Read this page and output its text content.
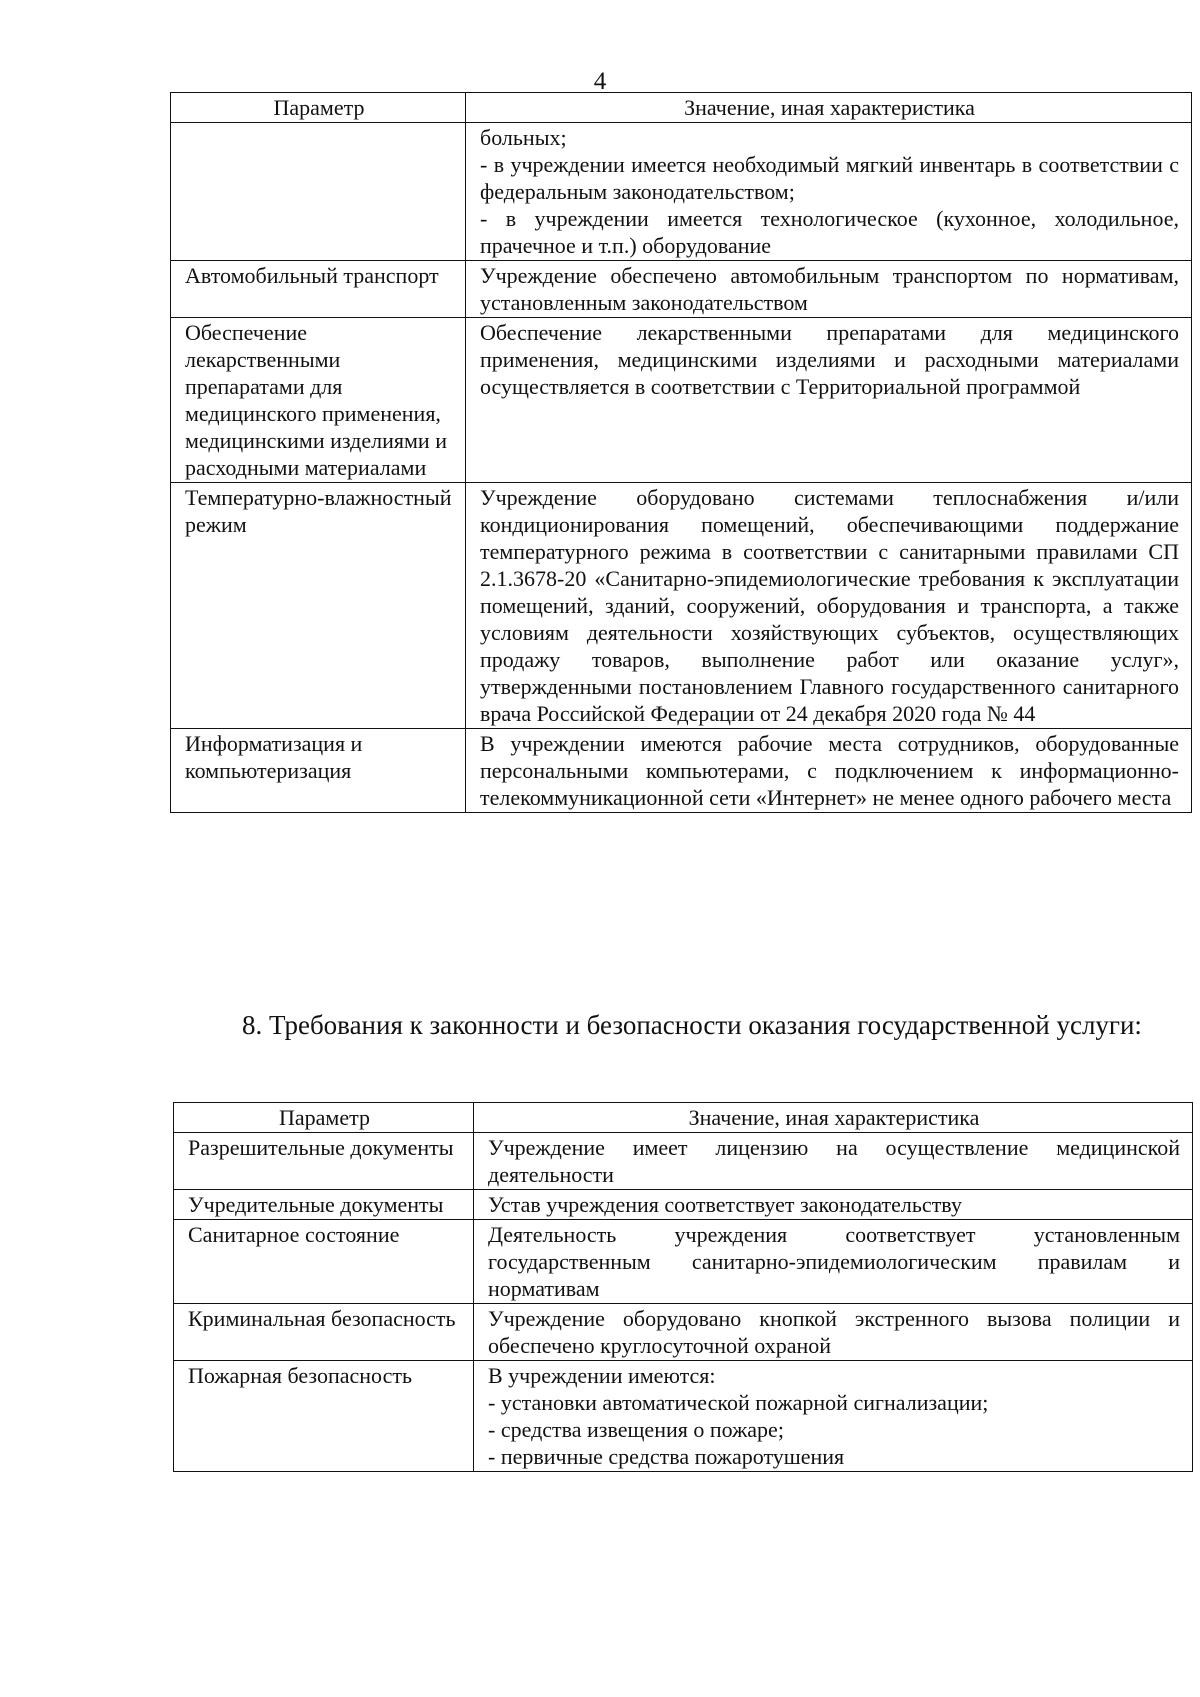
4
Параметр	Значение, иная характеристика

	больных;
- в учреждении имеется необходимый мягкий инвентарь в соответствии с федеральным законодательством;
- в учреждении имеется технологическое (кухонное, холодильное, прачечное и т.п.) оборудование

Автомобильный транспорт	Учреждение обеспечено автомобильным транспортом по нормативам, установленным законодательством
Обеспечение лекарственными препаратами для медицинского применения, медицинскими изделиями и расходными материалами	Обеспечение лекарственными препаратами для медицинского применения, медицинскими изделиями и расходными материалами осуществляется в соответствии с Территориальной программой
Температурно-влажностный режим	Учреждение оборудовано системами теплоснабжения и/или кондиционирования помещений, обеспечивающими поддержание температурного режима в соответствии с санитарными правилами СП 2.1.3678-20 «Санитарно-эпидемиологические требования к эксплуатации помещений, зданий, сооружений, оборудования и транспорта, а также условиям деятельности хозяйствующих субъектов, осуществляющих продажу товаров, выполнение работ или оказание услуг», утвержденными постановлением Главного государственного санитарного врача Российской Федерации от 24 декабря 2020 года № 44
Информатизация и компьютеризация	В учреждении имеются рабочие места сотрудников, оборудованные персональными компьютерами, с подключением к информационно-телекоммуникационной сети «Интернет» не менее одного рабочего места
8. Требования к законности и безопасности оказания государственной услуги:
Параметр	Значение, иная характеристика
Разрешительные документы	Учреждение имеет лицензию на осуществление медицинской деятельности
Учредительные документы	Устав учреждения соответствует законодательству
Санитарное состояние	Деятельность учреждения соответствует установленным государственным санитарно-эпидемиологическим правилам и нормативам
Криминальная безопасность	Учреждение оборудовано кнопкой экстренного вызова полиции и обеспечено круглосуточной охраной
Пожарная безопасность	В учреждении имеются:
- установки автоматической пожарной сигнализации;
- средства извещения о пожаре;
- первичные средства пожаротушения
